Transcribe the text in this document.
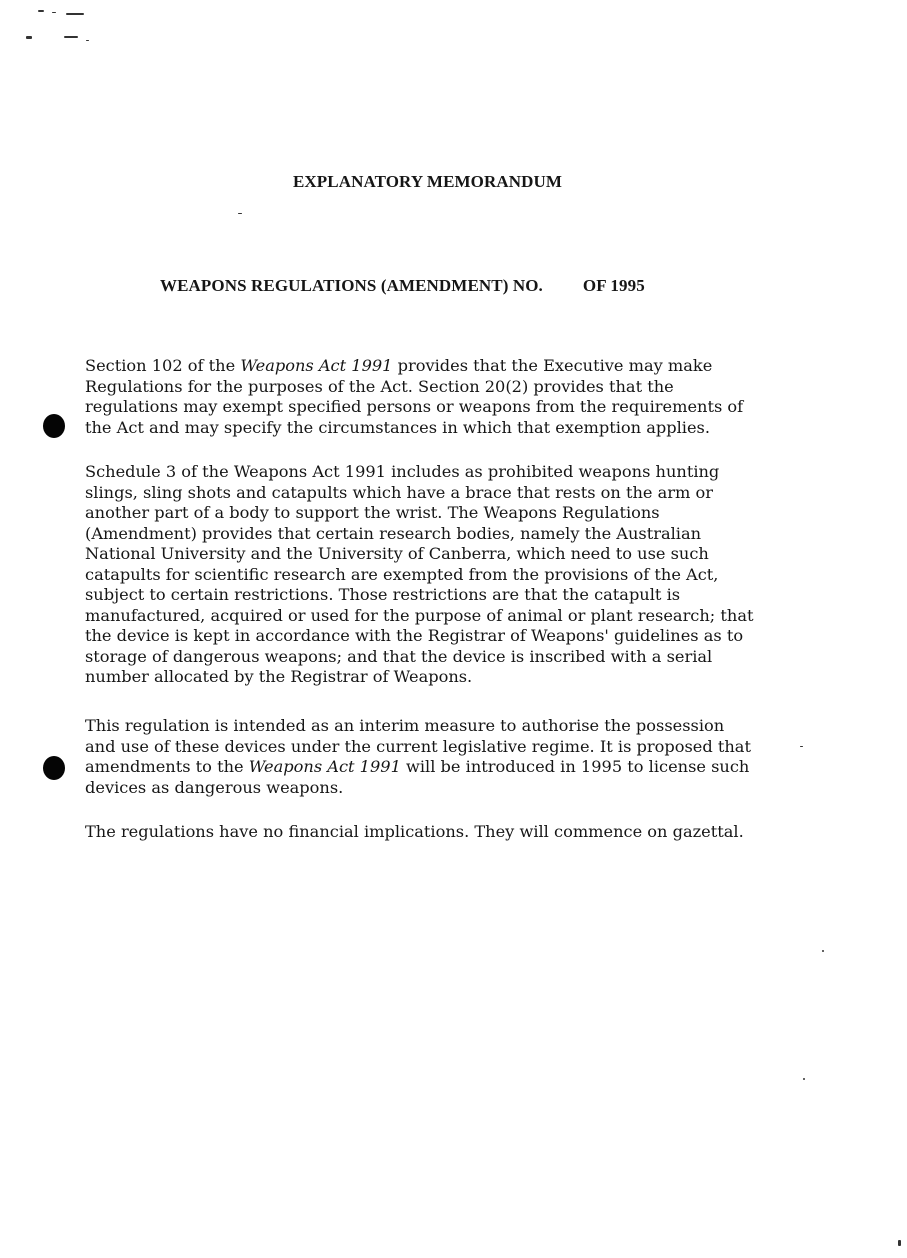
EXPLANATORY MEMORANDUM
WEAPONS REGULATIONS (AMENDMENT) NO. OF 1995

Section 102 of the Weapons Act 1991 provides that the Executive may make Regulations for the purposes of the Act. Section 20(2) provides that the regulations may exempt specified persons or weapons from the requirements of the Act and may specify the circumstances in which that exemption applies.

Schedule 3 of the Weapons Act 1991 includes as prohibited weapons hunting slings, sling shots and catapults which have a brace that rests on the arm or another part of a body to support the wrist. The Weapons Regulations (Amendment) provides that certain research bodies, namely the Australian National University and the University of Canberra, which need to use such catapults for scientific research are exempted from the provisions of the Act, subject to certain restrictions. Those restrictions are that the catapult is manufactured, acquired or used for the purpose of animal or plant research; that the device is kept in accordance with the Registrar of Weapons' guidelines as to storage of dangerous weapons; and that the device is inscribed with a serial number allocated by the Registrar of Weapons.

This regulation is intended as an interim measure to authorise the possession and use of these devices under the current legislative regime. It is proposed that amendments to the Weapons Act 1991 will be introduced in 1995 to license such devices as dangerous weapons.

The regulations have no financial implications. They will commence on gazettal.
